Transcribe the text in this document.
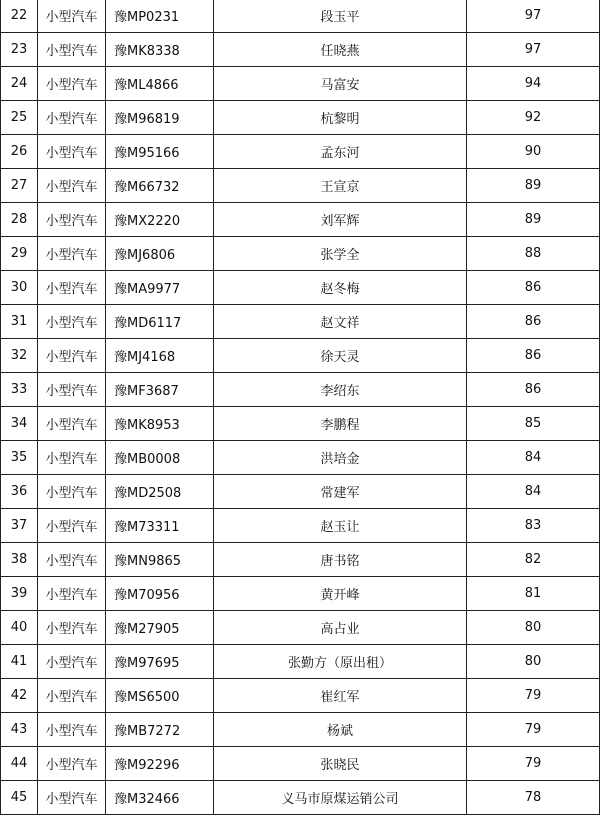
22	小型汽车	豫MP0231	段玉平	97
23	小型汽车	豫MK8338	任晓燕	97
24	小型汽车	豫ML4866	马富安	94
25	小型汽车	豫M96819	杭黎明	92
26	小型汽车	豫M95166	孟东河	90
27	小型汽车	豫M66732	王宣京	89
28	小型汽车	豫MX2220	刘军辉	89
29	小型汽车	豫MJ6806	张学全	88
30	小型汽车	豫MA9977	赵冬梅	86
31	小型汽车	豫MD6117	赵文祥	86
32	小型汽车	豫MJ4168	徐天灵	86
33	小型汽车	豫MF3687	李绍东	86
34	小型汽车	豫MK8953	李鹏程	85
35	小型汽车	豫MB0008	洪培金	84
36	小型汽车	豫MD2508	常建军	84
37	小型汽车	豫M73311	赵玉让	83
38	小型汽车	豫MN9865	唐书铭	82
39	小型汽车	豫M70956	黄开峰	81
40	小型汽车	豫M27905	高占业	80
41	小型汽车	豫M97695	张勤方（原出租）	80
42	小型汽车	豫MS6500	崔红军	79
43	小型汽车	豫MB7272	杨斌	79
44	小型汽车	豫M92296	张晓民	79
45	小型汽车	豫M32466	义马市原煤运销公司	78
